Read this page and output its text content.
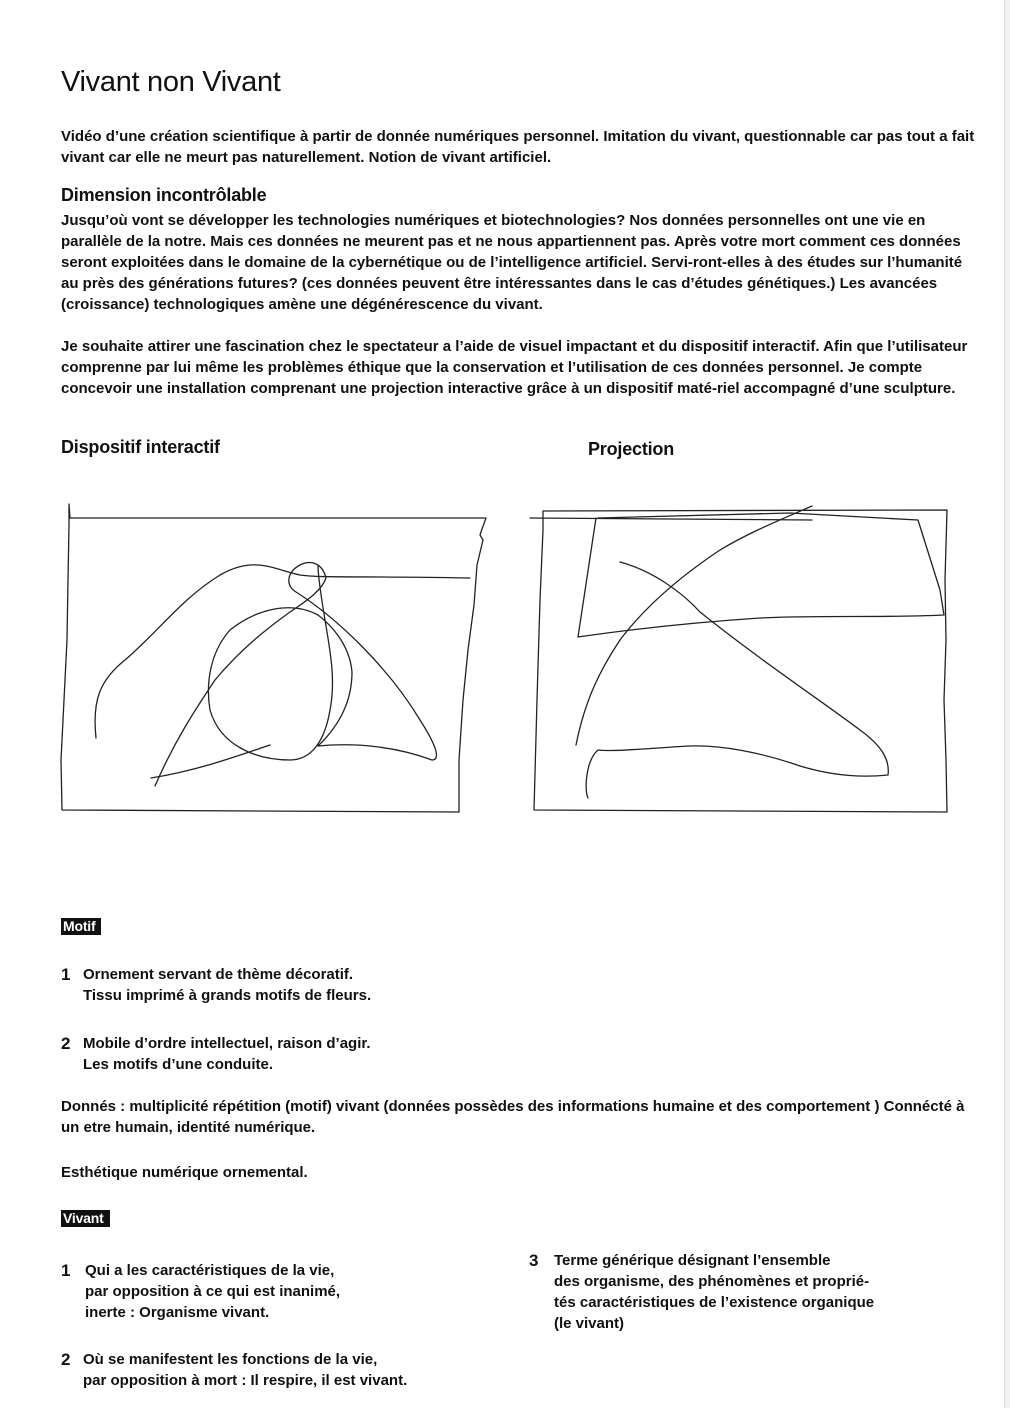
Vivant non Vivant
Vidéo d’une création scientifique à partir de donnée numériques personnel. Imitation du vivant, questionnable car pas tout a fait vivant car elle ne meurt pas naturellement. Notion de vivant artificiel.
Dimension incontrôlable
Jusqu’où vont se développer les technologies numériques et biotechnologies? Nos données personnelles ont une vie en parallèle de la notre. Mais ces données ne meurent pas et ne nous appartiennent pas. Après votre mort comment ces données seront exploitées dans le domaine de la cybernétique ou de l’intelligence artificiel. Servi-ront-elles à des études sur l’humanité au près des générations futures? (ces données peuvent être intéressantes dans le cas d’études génétiques.) Les avancées (croissance) technologiques amène une dégénérescence du vivant.
Je souhaite attirer une fascination chez le spectateur a l’aide de visuel impactant et du dispositif interactif. Afin que l’utilisateur comprenne par lui même les problèmes éthique que la conservation et l’utilisation de ces données personnel. Je compte concevoir une installation comprenant une projection interactive grâce à un dispositif maté-riel accompagné d’une sculpture.
Dispositif interactif	Projection
Motif
1 Ornement servant de thème décoratif.
Tissu imprimé à grands motifs de fleurs.
2 Mobile d’ordre intellectuel, raison d’agir.
Les motifs d’une conduite.
Donnés : multiplicité répétition (motif) vivant (données possèdes des informations humaine et des comportement ) Connécté à un etre humain, identité numérique.
Esthétique numérique ornemental.
Vivant
1 Qui a les caractéristiques de la vie,
par opposition à ce qui est inanimé,
inerte : Organisme vivant.
2 Où se manifestent les fonctions de la vie,
par opposition à mort : Il respire, il est vivant.
3 Terme générique désignant l’ensemble
des organisme, des phénomènes et proprié-
tés caractéristiques de l’existence organique
(le vivant)
